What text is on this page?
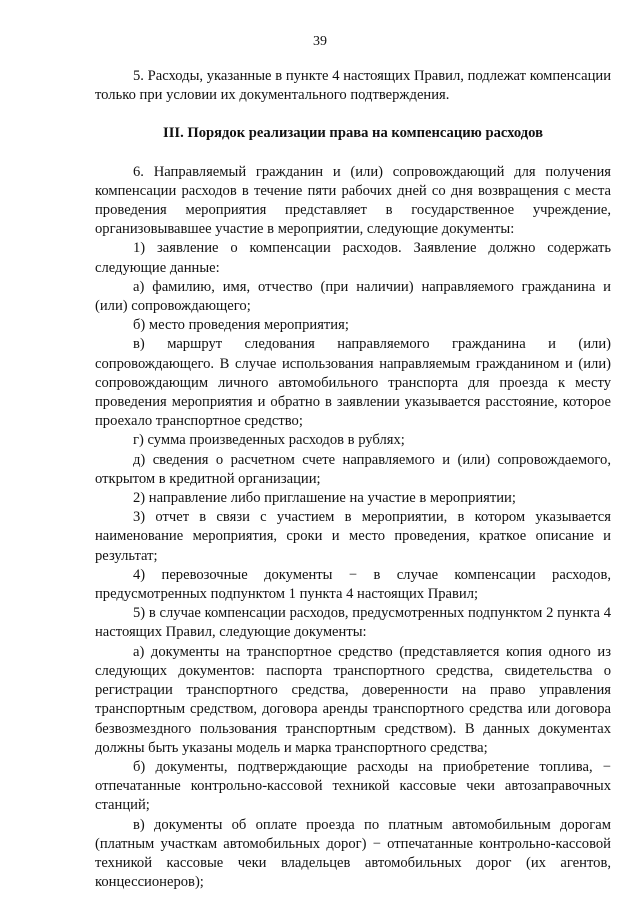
39

5. Расходы, указанные в пункте 4 настоящих Правил, подлежат компенсации только при условии их документального подтверждения.

III. Порядок реализации права на компенсацию расходов

6. Направляемый гражданин и (или) сопровождающий для получения компенсации расходов в течение пяти рабочих дней со дня возвращения с места проведения мероприятия представляет в государственное учреждение, организовывавшее участие в мероприятии, следующие документы:

1) заявление о компенсации расходов. Заявление должно содержать следующие данные:

а) фамилию, имя, отчество (при наличии) направляемого гражданина и (или) сопровождающего;

б) место проведения мероприятия;

в) маршрут следования направляемого гражданина и (или) сопровождающего. В случае использования направляемым гражданином и (или) сопровождающим личного автомобильного транспорта для проезда к месту проведения мероприятия и обратно в заявлении указывается расстояние, которое проехало транспортное средство;

г) сумма произведенных расходов в рублях;

д) сведения о расчетном счете направляемого и (или) сопровождаемого, открытом в кредитной организации;

2) направление либо приглашение на участие в мероприятии;

3) отчет в связи с участием в мероприятии, в котором указывается наименование мероприятия, сроки и место проведения, краткое описание и результат;

4) перевозочные документы − в случае компенсации расходов, предусмотренных подпунктом 1 пункта 4 настоящих Правил;

5) в случае компенсации расходов, предусмотренных подпунктом 2 пункта 4 настоящих Правил, следующие документы:

а) документы на транспортное средство (представляется копия одного из следующих документов: паспорта транспортного средства, свидетельства о регистрации транспортного средства, доверенности на право управления транспортным средством, договора аренды транспортного средства или договора безвозмездного пользования транспортным средством). В данных документах должны быть указаны модель и марка транспортного средства;

б) документы, подтверждающие расходы на приобретение топлива, − отпечатанные контрольно-кассовой техникой кассовые чеки автозаправочных станций;

в) документы об оплате проезда по платным автомобильным дорогам (платным участкам автомобильных дорог) − отпечатанные контрольно-кассовой техникой кассовые чеки владельцев автомобильных дорог (их агентов, концессионеров);
